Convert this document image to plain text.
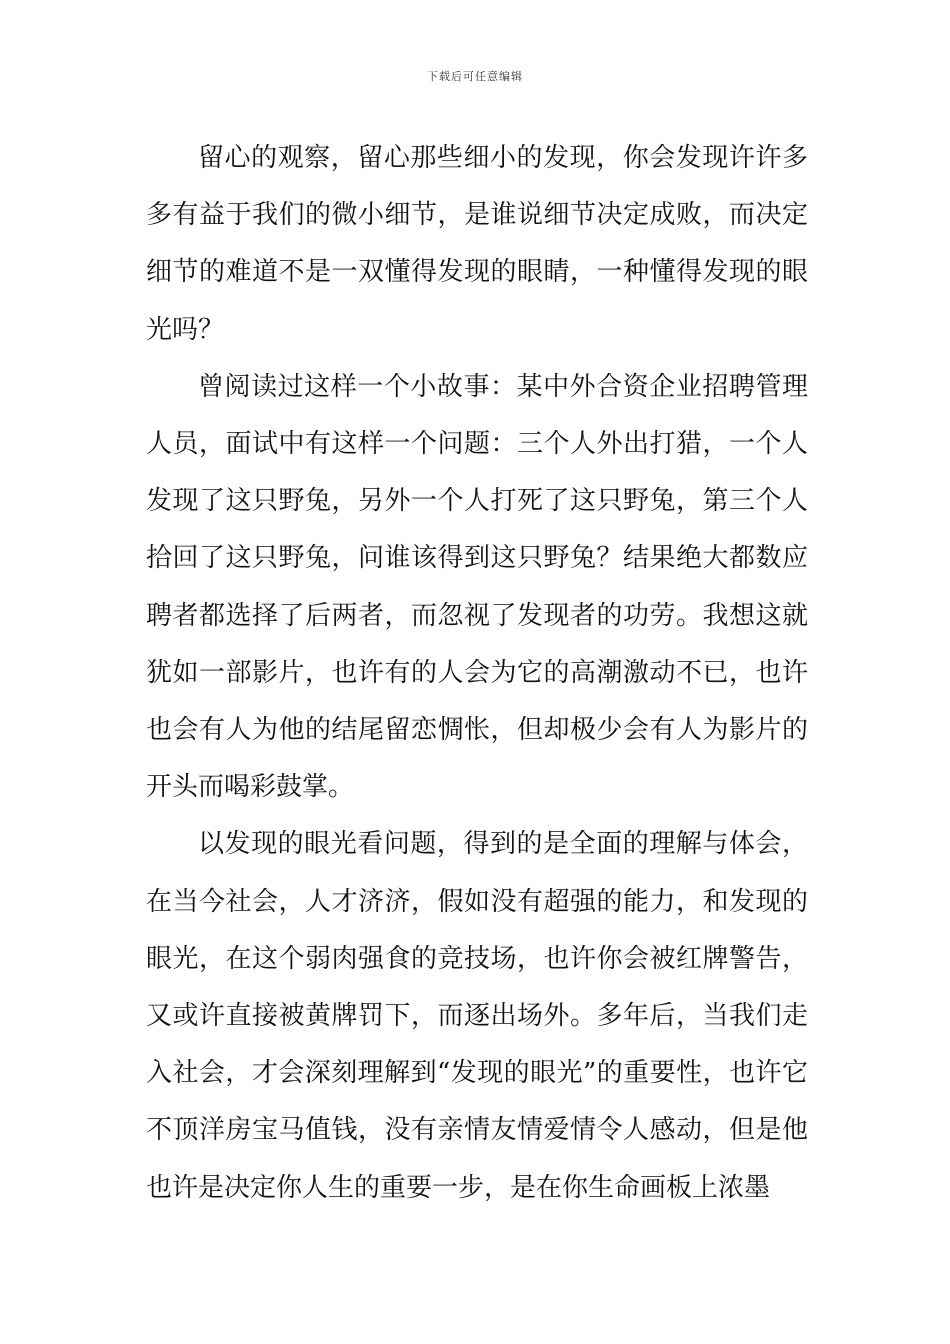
下载后可任意编辑

留心的观察，留心那些细小的发现，你会发现许许多多有益于我们的微小细节，是谁说细节决定成败，而决定细节的难道不是一双懂得发现的眼睛，一种懂得发现的眼光吗？

曾阅读过这样一个小故事：某中外合资企业招聘管理人员，面试中有这样一个问题：三个人外出打猎，一个人发现了这只野兔，另外一个人打死了这只野兔，第三个人拾回了这只野兔，问谁该得到这只野兔？结果绝大都数应聘者都选择了后两者，而忽视了发现者的功劳。我想这就犹如一部影片，也许有的人会为它的高潮激动不已，也许也会有人为他的结尾留恋惆怅，但却极少会有人为影片的开头而喝彩鼓掌。

以发现的眼光看问题，得到的是全面的理解与体会，在当今社会，人才济济，假如没有超强的能力，和发现的眼光，在这个弱肉强食的竞技场，也许你会被红牌警告，又或许直接被黄牌罚下，而逐出场外。多年后，当我们走入社会，才会深刻理解到“发现的眼光”的重要性，也许它不顶洋房宝马值钱，没有亲情友情爱情令人感动，但是他也许是决定你人生的重要一步，是在你生命画板上浓墨
